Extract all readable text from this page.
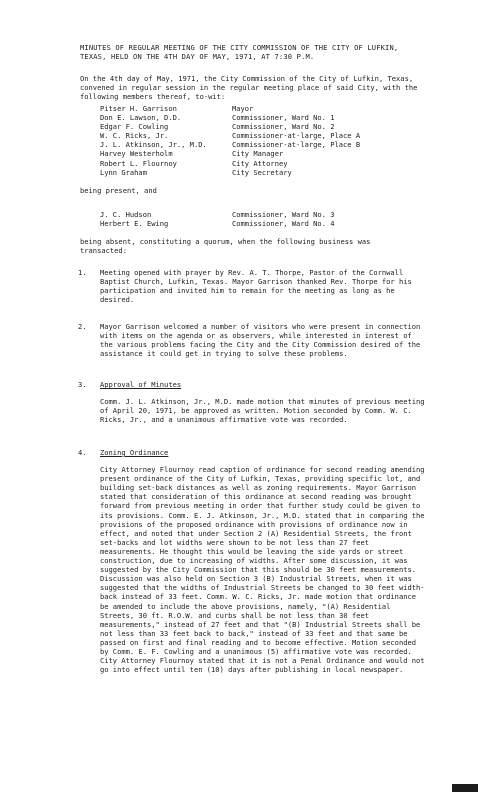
MINUTES OF REGULAR MEETING OF THE CITY COMMISSION OF THE CITY OF LUFKIN, TEXAS, HELD ON THE 4TH DAY OF MAY, 1971, AT 7:30 P.M.
On the 4th day of May, 1971, the City Commission of the City of Lufkin, Texas, convened in regular session in the regular meeting place of said City, with the following members thereof, to-wit:
Pitser H. Garrison	Mayor
Don E. Lawson, D.D.	Commissioner, Ward No. 1
Edgar F. Cowling	Commissioner, Ward No. 2
W. C. Ricks, Jr.	Commissioner-at-large, Place A
J. L. Atkinson, Jr., M.D.	Commissioner-at-large, Place B
Harvey Westerholm	City Manager
Robert L. Flournoy	City Attorney
Lynn Graham	City Secretary
being present, and
J. C. Hudson	Commissioner, Ward No. 3
Herbert E. Ewing	Commissioner, Ward No. 4
being absent, constituting a quorum, when the following business was transacted:
1.	Meeting opened with prayer by Rev. A. T. Thorpe, Pastor of the Cornwall Baptist Church, Lufkin, Texas. Mayor Garrison thanked Rev. Thorpe for his participation and invited him to remain for the meeting as long as he desired.
2.	Mayor Garrison welcomed a number of visitors who were present in connection with items on the agenda or as observers, while interested in interest of the various problems facing the City and the City Commission desired of the assistance it could get in trying to solve these problems.
3.	Approval of Minutes
Comm. J. L. Atkinson, Jr., M.D. made motion that minutes of previous meeting of April 20, 1971, be approved as written. Motion seconded by Comm. W. C. Ricks, Jr., and a unanimous affirmative vote was recorded.
4.	Zoning Ordinance
City Attorney Flournoy read caption of ordinance for second reading amending present ordinance of the City of Lufkin, Texas, providing specific lot, and building set-back distances as well as zoning requirements. Mayor Garrison stated that consideration of this ordinance at second reading was brought forward from previous meeting in order that further study could be given to its provisions. Comm. E. J. Atkinson, Jr., M.D. stated that in comparing the provisions of the proposed ordinance with provisions of ordinance now in effect, and noted that under Section 2 (A) Residential Streets, the front set-backs and lot widths were shown to be not less than 27 feet measurements. He thought this would be leaving the side yards or street construction, due to increasing of widths. After some discussion, it was suggested by the City Commission that this should be 30 feet measurements. Discussion was also held on Section 3 (B) Industrial Streets, when it was suggested that the widths of Industrial Streets be changed to 30 feet width-back instead of 33 feet. Comm. W. C. Ricks, Jr. made motion that ordinance be amended to include the above provisions, namely, "(A) Residential Streets, 30 ft. R.O.W. and curbs shall be not less than 30 feet measurements," instead of 27 feet and that "(B) Industrial Streets shall be not less than 33 feet back to back," instead of 33 feet and that same be passed on first and final reading and to become effective. Motion seconded by Comm. E. F. Cowling and a unanimous (5) affirmative vote was recorded. City Attorney Flournoy stated that it is not a Penal Ordinance and would not go into effect until ten (10) days after publishing in local newspaper.
